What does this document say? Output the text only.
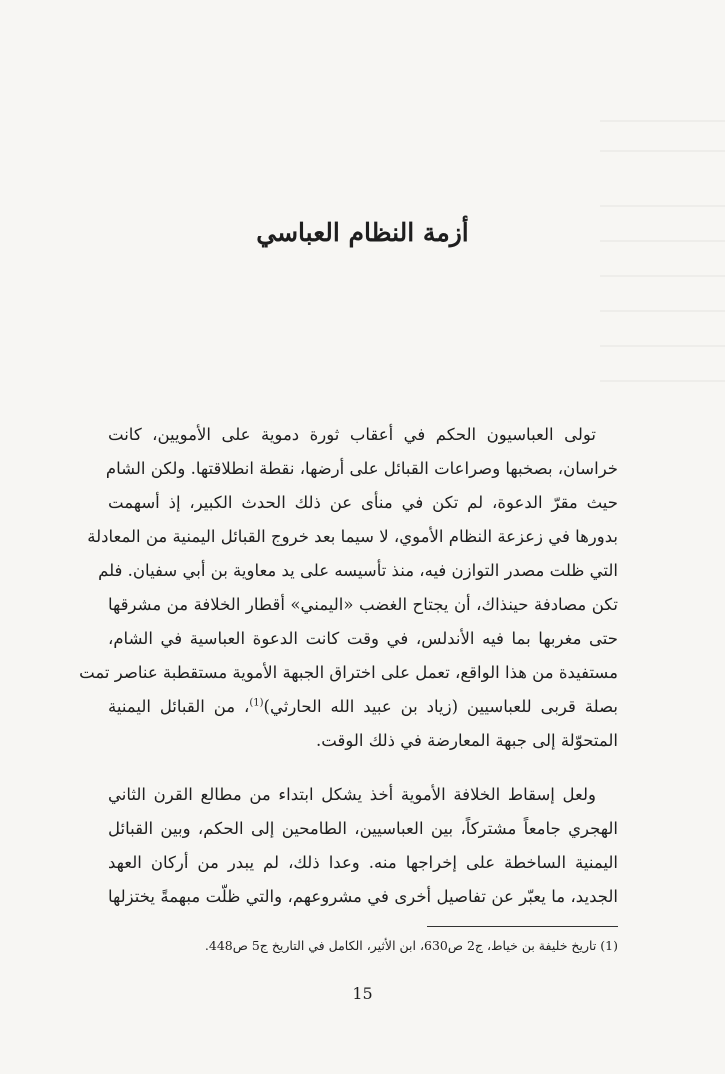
أزمة النظام العباسي
تولى العباسيون الحكم في أعقاب ثورة دموية على الأمويين، كانت
خراسان، بصخبها وصراعات القبائل على أرضها، نقطة انطلاقتها. ولكن الشام
حيث مقرّ الدعوة، لم تكن في منأى عن ذلك الحدث الكبير، إذ أسهمت
بدورها في زعزعة النظام الأموي، لا سيما بعد خروج القبائل اليمنية من المعادلة
التي ظلت مصدر التوازن فيه، منذ تأسيسه على يد معاوية بن أبي سفيان. فلم
تكن مصادفة حينذاك، أن يجتاح الغضب «اليمني» أقطار الخلافة من مشرقها
حتى مغربها بما فيه الأندلس، في وقت كانت الدعوة العباسية في الشام،
مستفيدة من هذا الواقع، تعمل على اختراق الجبهة الأموية مستقطبة عناصر تمت
بصلة قربى للعباسيين (زياد بن عبيد الله الحارثي)$^{(1)}$، من القبائل اليمنية
المتحوّلة إلى جبهة المعارضة في ذلك الوقت.
ولعل إسقاط الخلافة الأموية أخذ يشكل ابتداء من مطالع القرن الثاني
الهجري جامعاً مشتركاً، بين العباسيين، الطامحين إلى الحكم، وبين القبائل
اليمنية الساخطة على إخراجها منه. وعدا ذلك، لم يبدر من أركان العهد
الجديد، ما يعبّر عن تفاصيل أخرى في مشروعهم، والتي ظلّت مبهمةً يختزلها
(1) تاريخ خليفة بن خياط، ج2 ص630، ابن الأثير، الكامل في التاريخ ج5 ص448.
15
